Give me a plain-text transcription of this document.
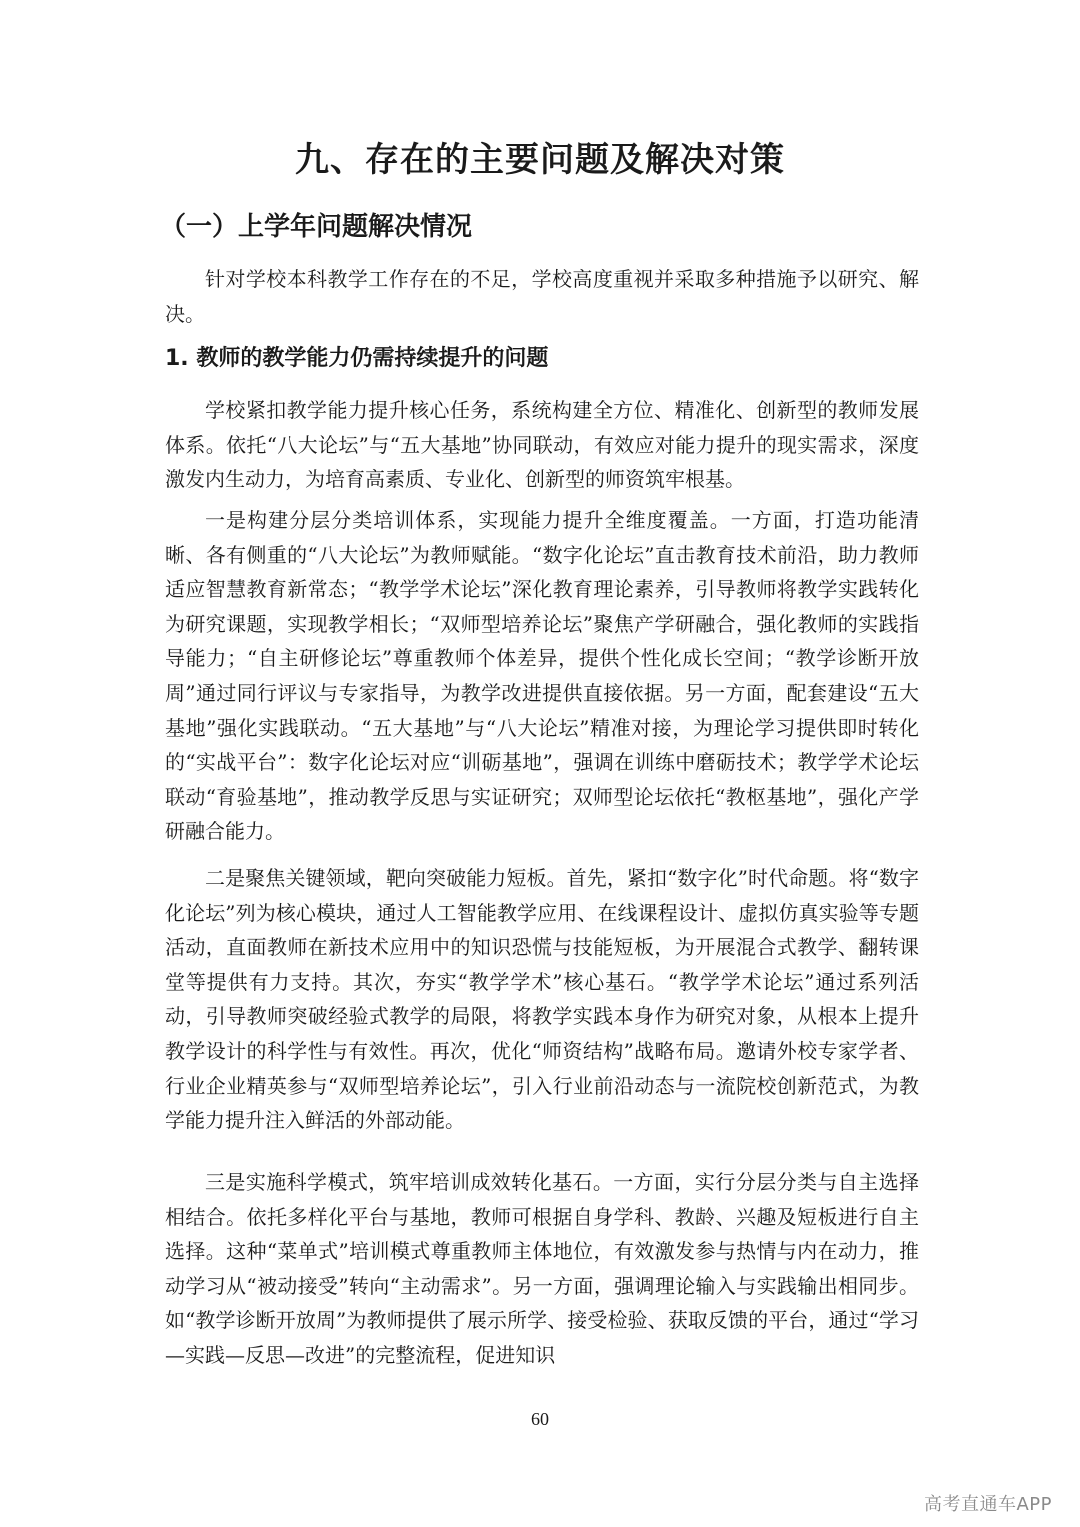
九、存在的主要问题及解决对策
（一）上学年问题解决情况

针对学校本科教学工作存在的不足，学校高度重视并采取多种措施予以研究、解决。

1. 教师的教学能力仍需持续提升的问题

学校紧扣教学能力提升核心任务，系统构建全方位、精准化、创新型的教师发展体系。依托“八大论坛”与“五大基地”协同联动，有效应对能力提升的现实需求，深度激发内生动力，为培育高素质、专业化、创新型的师资筑牢根基。

一是构建分层分类培训体系，实现能力提升全维度覆盖。一方面，打造功能清晰、各有侧重的“八大论坛”为教师赋能。“数字化论坛”直击教育技术前沿，助力教师适应智慧教育新常态；“教学学术论坛”深化教育理论素养，引导教师将教学实践转化为研究课题，实现教学相长；“双师型培养论坛”聚焦产学研融合，强化教师的实践指导能力；“自主研修论坛”尊重教师个体差异，提供个性化成长空间；“教学诊断开放周”通过同行评议与专家指导，为教学改进提供直接依据。另一方面，配套建设“五大基地”强化实践联动。“五大基地”与“八大论坛”精准对接，为理论学习提供即时转化的“实战平台”：数字化论坛对应“训砺基地”，强调在训练中磨砺技术；教学学术论坛联动“育验基地”，推动教学反思与实证研究；双师型论坛依托“教枢基地”，强化产学研融合能力。

二是聚焦关键领域，靶向突破能力短板。首先，紧扣“数字化”时代命题。将“数字化论坛”列为核心模块，通过人工智能教学应用、在线课程设计、虚拟仿真实验等专题活动，直面教师在新技术应用中的知识恐慌与技能短板，为开展混合式教学、翻转课堂等提供有力支持。其次，夯实“教学学术”核心基石。“教学学术论坛”通过系列活动，引导教师突破经验式教学的局限，将教学实践本身作为研究对象，从根本上提升教学设计的科学性与有效性。再次，优化“师资结构”战略布局。邀请外校专家学者、行业企业精英参与“双师型培养论坛”，引入行业前沿动态与一流院校创新范式，为教学能力提升注入鲜活的外部动能。

三是实施科学模式，筑牢培训成效转化基石。一方面，实行分层分类与自主选择相结合。依托多样化平台与基地，教师可根据自身学科、教龄、兴趣及短板进行自主选择。这种“菜单式”培训模式尊重教师主体地位，有效激发参与热情与内在动力，推动学习从“被动接受”转向“主动需求”。另一方面，强调理论输入与实践输出相同步。如“教学诊断开放周”为教师提供了展示所学、接受检验、获取反馈的平台，通过“学习—实践—反思—改进”的完整流程，促进知识

60
高考直通车APP
